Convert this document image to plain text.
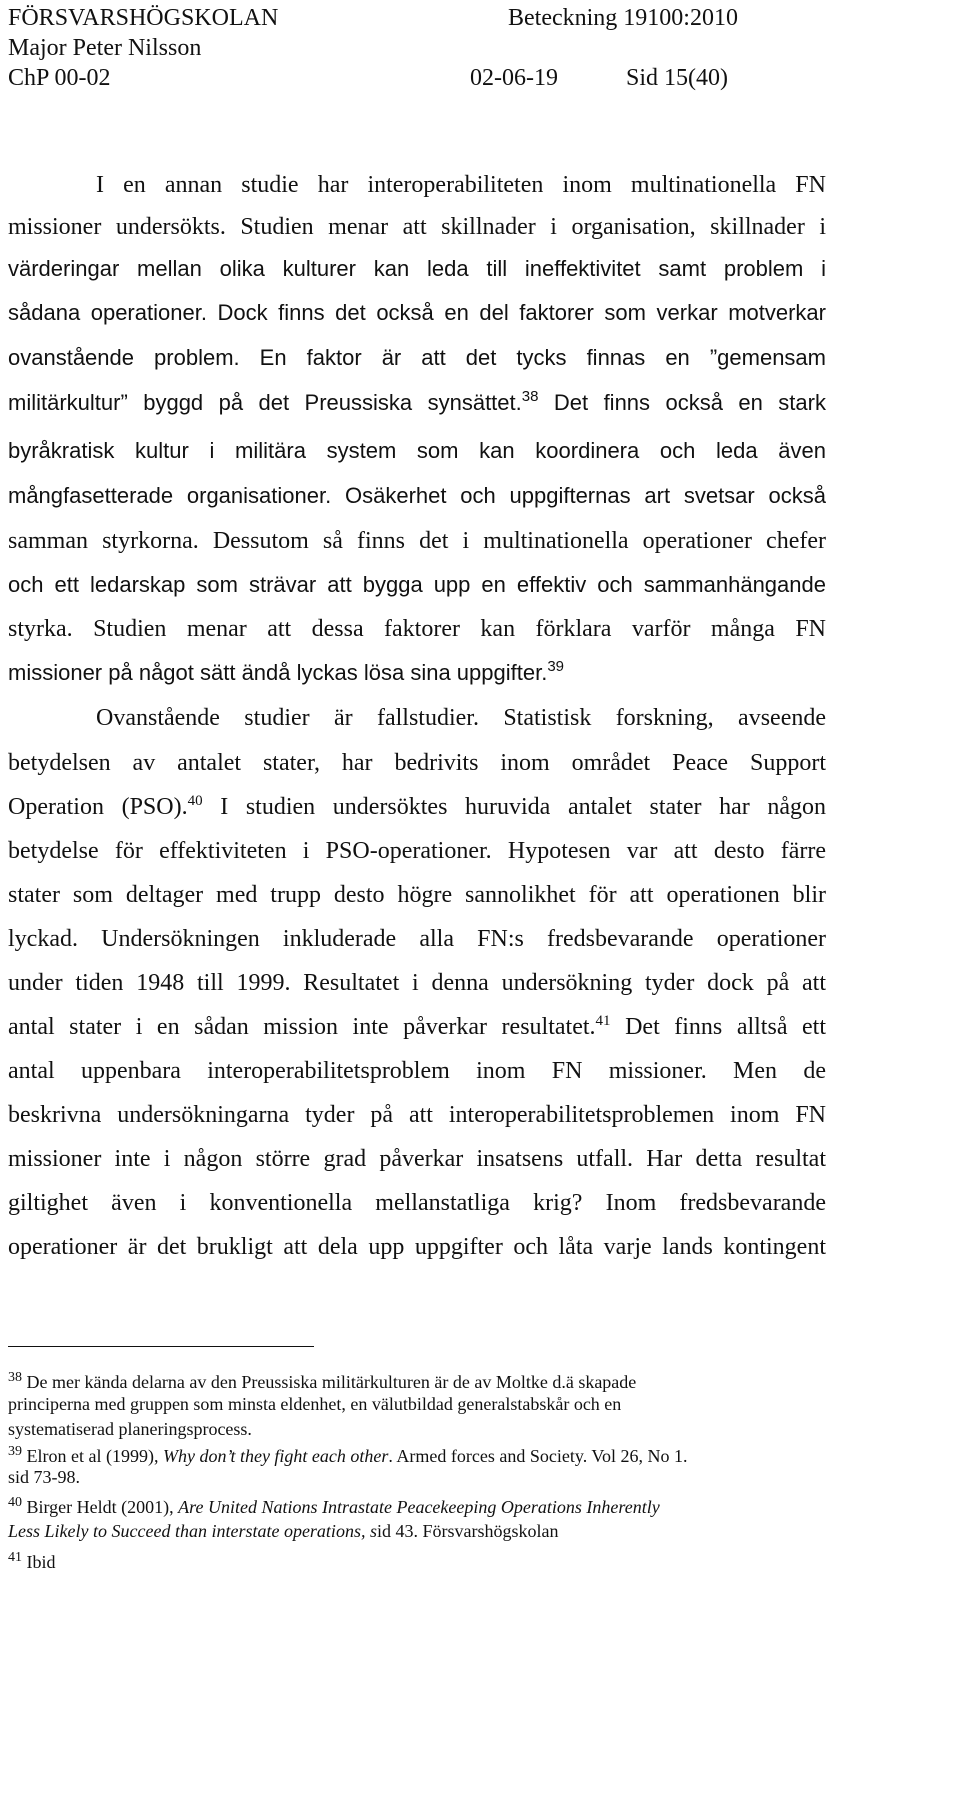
FÖRSVARSHÖGSKOLAN	Beteckning 19100:2010
Major Peter Nilsson
ChP 00-02	02-06-19	Sid 15(40)
I en annan studie har interoperabiliteten inom multinationella FN
missioner undersökts. Studien menar att skillnader i organisation, skillnader i
värderingar mellan olika kulturer kan leda till ineffektivitet samt problem i
sådana operationer. Dock finns det också en del faktorer som verkar motverkar
ovanstående problem. En faktor är att det tycks finnas en ”gemensam
militärkultur” byggd på det Preussiska synsättet.$^{38}$ Det finns också en stark
byråkratisk kultur i militära system som kan koordinera och leda även
mångfasetterade organisationer. Osäkerhet och uppgifternas art svetsar också
samman styrkorna. Dessutom så finns det i multinationella operationer chefer
och ett ledarskap som strävar att bygga upp en effektiv och sammanhängande
styrka. Studien menar att dessa faktorer kan förklara varför många FN
missioner på något sätt ändå lyckas lösa sina uppgifter.$^{39}$
Ovanstående studier är fallstudier. Statistisk forskning, avseende
betydelsen av antalet stater, har bedrivits inom området Peace Support
Operation (PSO).$^{40}$ I studien undersöktes huruvida antalet stater har någon
betydelse för effektiviteten i PSO-operationer. Hypotesen var att desto färre
stater som deltager med trupp desto högre sannolikhet för att operationen blir
lyckad. Undersökningen inkluderade alla FN:s fredsbevarande operationer
under tiden 1948 till 1999. Resultatet i denna undersökning tyder dock på att
antal stater i en sådan mission inte påverkar resultatet.$^{41}$ Det finns alltså ett
antal uppenbara interoperabilitetsproblem inom FN missioner. Men de
beskrivna undersökningarna tyder på att interoperabilitetsproblemen inom FN
missioner inte i någon större grad påverkar insatsens utfall. Har detta resultat
giltighet även i konventionella mellanstatliga krig? Inom fredsbevarande
operationer är det brukligt att dela upp uppgifter och låta varje lands kontingent
$^{38}$ De mer kända delarna av den Preussiska militärkulturen är de av Moltke d.ä skapade
principerna med gruppen som minsta eldenhet, en välutbildad generalstabskår och en
systematiserad planeringsprocess.
$^{39}$ Elron et al (1999), Why don’t they fight each other. Armed forces and Society. Vol 26, No 1.
sid 73-98.
$^{40}$ Birger Heldt (2001), Are United Nations Intrastate Peacekeeping Operations Inherently
Less Likely to Succeed than interstate operations, sid 43. Försvarshögskolan
$^{41}$ Ibid
